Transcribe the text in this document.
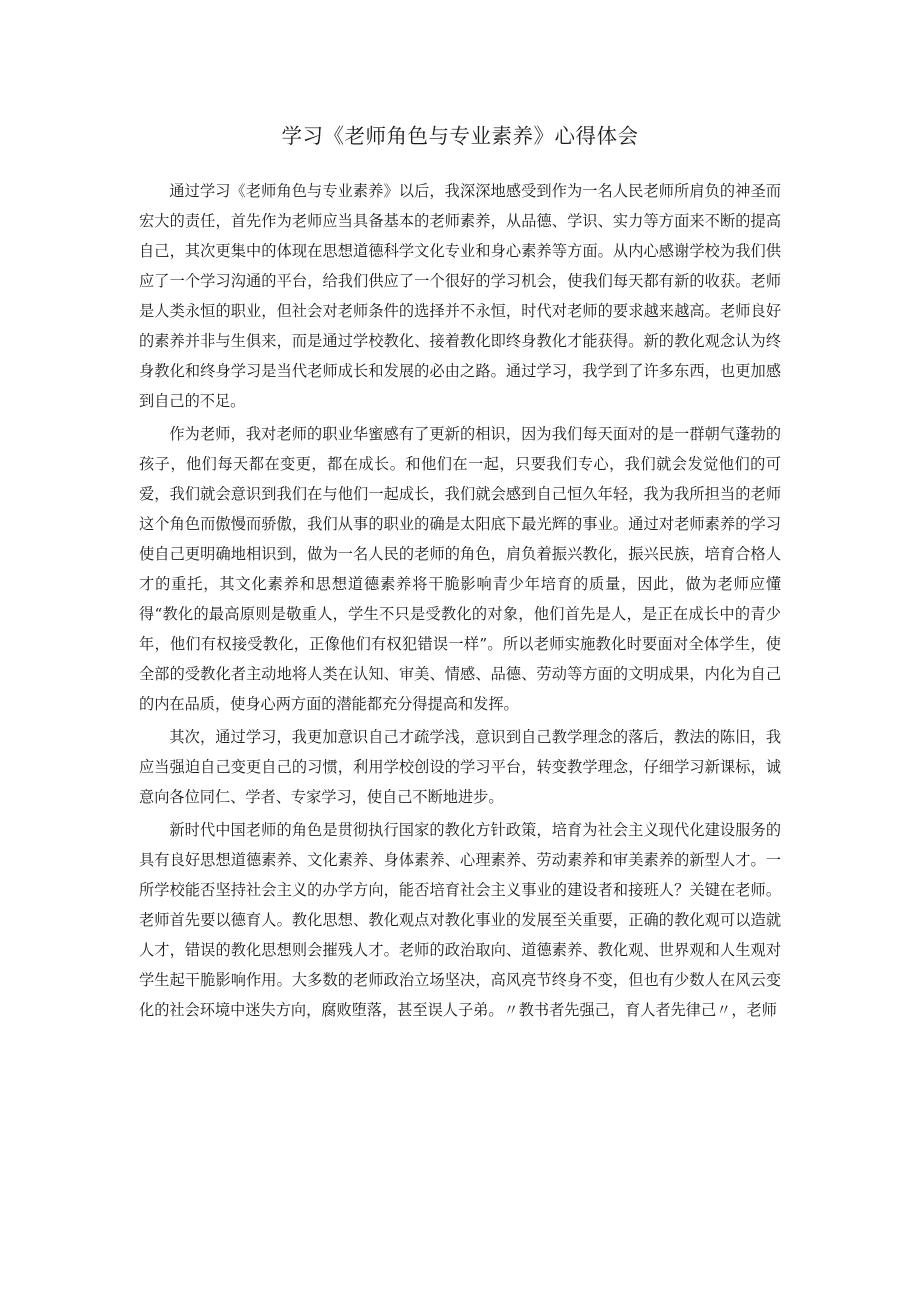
学习《老师角色与专业素养》心得体会

通过学习《老师角色与专业素养》以后，我深深地感受到作为一名人民老师所肩负的神圣而宏大的责任，首先作为老师应当具备基本的老师素养，从品德、学识、实力等方面来不断的提高自己，其次更集中的体现在思想道德科学文化专业和身心素养等方面。从内心感谢学校为我们供应了一个学习沟通的平台，给我们供应了一个很好的学习机会，使我们每天都有新的收获。老师是人类永恒的职业，但社会对老师条件的选择并不永恒，时代对老师的要求越来越高。老师良好的素养并非与生俱来，而是通过学校教化、接着教化即终身教化才能获得。新的教化观念认为终身教化和终身学习是当代老师成长和发展的必由之路。通过学习，我学到了许多东西，也更加感到自己的不足。

作为老师，我对老师的职业华蜜感有了更新的相识，因为我们每天面对的是一群朝气蓬勃的孩子，他们每天都在变更，都在成长。和他们在一起，只要我们专心，我们就会发觉他们的可爱，我们就会意识到我们在与他们一起成长，我们就会感到自己恒久年轻，我为我所担当的老师这个角色而傲慢而骄傲，我们从事的职业的确是太阳底下最光辉的事业。通过对老师素养的学习使自己更明确地相识到，做为一名人民的老师的角色，肩负着振兴教化，振兴民族，培育合格人才的重托，其文化素养和思想道德素养将干脆影响青少年培育的质量，因此，做为老师应懂得“教化的最高原则是敬重人，学生不只是受教化的对象，他们首先是人，是正在成长中的青少年，他们有权接受教化，正像他们有权犯错误一样”。所以老师实施教化时要面对全体学生，使全部的受教化者主动地将人类在认知、审美、情感、品德、劳动等方面的文明成果，内化为自己的内在品质，使身心两方面的潜能都充分得提高和发挥。

其次，通过学习，我更加意识自己才疏学浅，意识到自己教学理念的落后，教法的陈旧，我应当强迫自己变更自己的习惯，利用学校创设的学习平台，转变教学理念，仔细学习新课标，诚意向各位同仁、学者、专家学习，使自己不断地进步。

新时代中国老师的角色是贯彻执行国家的教化方针政策，培育为社会主义现代化建设服务的具有良好思想道德素养、文化素养、身体素养、心理素养、劳动素养和审美素养的新型人才。一所学校能否坚持社会主义的办学方向，能否培育社会主义事业的建设者和接班人？关键在老师。老师首先要以德育人。教化思想、教化观点对教化事业的发展至关重要，正确的教化观可以造就人才，错误的教化思想则会摧残人才。老师的政治取向、道德素养、教化观、世界观和人生观对学生起干脆影响作用。大多数的老师政治立场坚决，高风亮节终身不变，但也有少数人在风云变化的社会环境中迷失方向，腐败堕落，甚至误人子弟。〃教书者先强己，育人者先律己〃，老师
